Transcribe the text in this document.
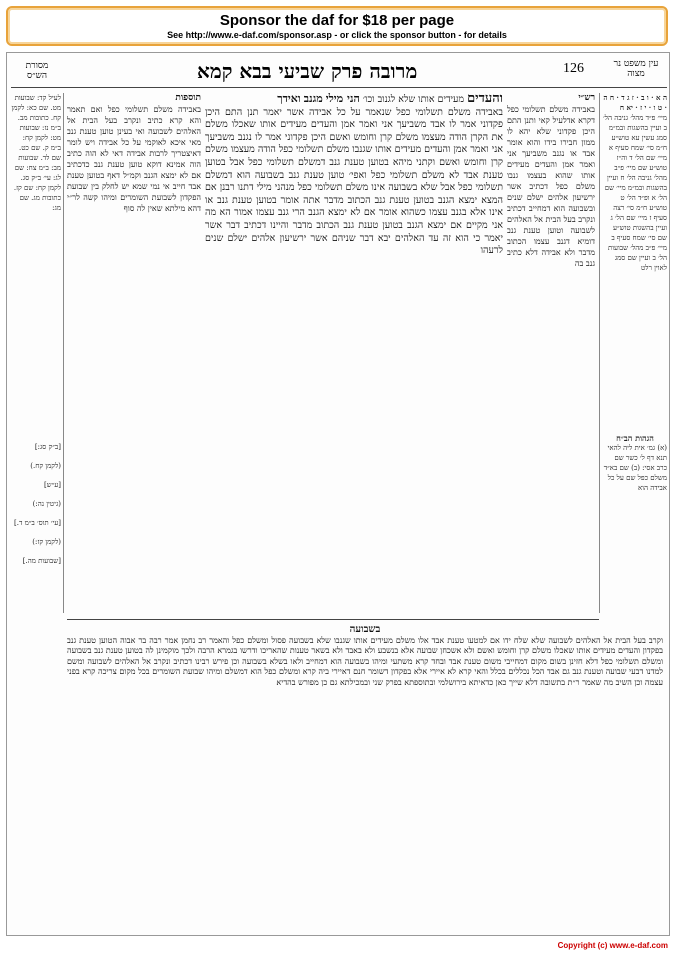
Sponsor the daf for $18 per page
See http://www.e-daf.com/sponsor.asp - or click the sponsor button - for details
מסורת הש״ס	מרובה פרק שביעי בבא קמא	126	עין משפט נר מצוה
ה א · ו ב · ז ג ד · ח ה · ט ו · י ז · יא ח
מיי׳ פ״ד מהל׳ גניבה הל׳ ב ועיין בהשגות ובמ״מ סמג עשין עא טוש״ע ח״מ סי׳ שמח סעיף א מיי׳ שם הל׳ ד וה״ז טוש״ע שם מיי׳ פ״ב מהל׳ גניבה הל׳ ח ועיין בהשגות ובמ״מ מיי׳ שם הל׳ א ופ״ד הל׳ ט טוש״ע ח״מ סי׳ רצה סעיף ז מיי׳ שם הל׳ ג ועיין בהשגות טוש״ע שם סי׳ שמח סעיף ב מיי׳ פ״ב מהל׳ שבועות הל׳ ב ועיין שם סמג לאוין רלט
הגהות הב״ח
(א) גמ׳ אית ליה להאי תנא דף ל׳ כשר שם כרב אסי: (ב) שם בא״ד משלם כפל שם על כל אבידה הוא
לעיל קד: שבועות מט. שם כא: לקמן קח. כתובות מב. ב״מ נז: שבועות מט: לקמן קח: ב״מ ק. שם כט. שם לד. שבועות מב: ב״מ צח: שם לג: עי׳ ב״ק סג. לקמן קח: שם קז. כתובות מג. שם מג:
[ב״ק סג:]
(לקמן קח.)
[ע״ש]
(גיטין נה:)
[עי׳ תוס׳ ב״מ ד.]
(לקמן קז:)
[שבועות מה.]
רש״י
באבידה משלם תשלומי כפל דקרא אדלעיל קאי ותנן התם היכן פקדוני שלא יהא לו ממון חבירו בידו והוא אומר אבד או נגנב משביעך אני ואמר אמן והעדים מעידים אותו שהוא בעצמו גנבו משלם כפל דכתיב אשר ירשיעון אלהים ישלם שנים ובשבועה הוא דמחייב דכתיב ונקרב בעל הבית אל האלהים לשבועה וטוען טענת גנב דומיא דגנב עצמו הכתוב מדבר ולא אבידה דלא כתיב גנב בה
והעדים מעידים אותו שלא לגנוב וכו׳ הני מילי מגנב ואידך
באבידה משלם תשלומי כפל שנאמר על כל אבידה אשר יאמר תנן התם היכן פקדוני אמר לו אבד משביעך אני ואמר אמן והעדים מעידים אותו שאכלו משלם את הקרן הודה מעצמו משלם קרן וחומש ואשם היכן פקדוני אמר לו נגנב משביעך אני ואמר אמן והעדים מעידים אותו שגנבו משלם תשלומי כפל הודה מעצמו משלם קרן וחומש ואשם וקתני מיהא בטוען טענת גנב דמשלם תשלומי כפל אבל בטוען טענת אבד לא משלם תשלומי כפל ואפי׳ טוען טענת גנב בשבועה הוא דמשלם תשלומי כפל אבל שלא בשבועה אינו משלם תשלומי כפל מנהני מילי דתנו רבנן אם המצא ימצא הגנב בטוען טענת גנב הכתוב מדבר אתה אומר בטוען טענת גנב או אינו אלא בגנב עצמו כשהוא אומר אם לא ימצא הגנב הרי גנב עצמו אמור הא מה אני מקיים אם ימצא הגנב בטוען טענת גנב הכתוב מדבר והיינו דכתיב דבר אשר יאמר כי הוא זה עד האלהים יבא דבר שניהם אשר ירשיעון אלהים ישלם שנים לרעהו
תוספות
באבידה משלם תשלומי כפל ואם תאמר והא קרא כתיב ונקרב בעל הבית אל האלהים לשבועה ואי בעינן טוען טענת גנב מאי איכא לאוקמי על כל אבידה ויש לומר דאיצטריך לרבות אבידה דאי לא הוה כתיב הוה אמינא דוקא טוען טענת גנב כדכתיב אם לא ימצא הגנב וקמ״ל דאף בטוען טענת אבד חייב אי נמי שמא יש לחלק בין שבועת הפקדון לשבועת השומרים ומיהו קשה לר״י דהא מילתא שאין לה סוף
בשבועה
וקרב בעל הבית אל האלהים לשבועה שלא שלח ידו אם למטעו טענת אבד אלו משלם מעידים אותו שגנבו שלא בשבועה פסול ומשלם כפל והאמר רב נחמן אמר רבה בר אבוה הטוען טענת גנב בפקדון והעדים מעידים אותו שאכלו משלם קרן וחומש ואשם ולא אשכחן שבועה אלא בנשבע ולא באבד ולא בשאר טענות שהאריכו ודרשו בגמרא הרבה ולכך מוקמינן לה בטוען טענת גנב בשבועה ומשלם תשלומי כפל דלא חזינן בשום מקום דמחייבי משום טענת אבד ובחד קרא משתעי ומיהו בשבועה הוא דמחייב ולאו בשלא בשבועה וכן פירש רבינו דכתיב ונקרב אל האלהים לשבועה ומשם למדנו דבעי שבועה וטענת גנב גם אבד הכל נכללים בכלל והאי קרא לא איירי אלא בפקדון דשומר חנם דאיירי ביה קרא ומשלם כפל הוא דמשלם ומיהו שבועת השומרים בכל מקום צריכה קרא בפני עצמה וכן השיב מה שאמר ר״ת בתשובה דלא שייך כאן כדאיתא בירושלמי ובתוספתא בפרק שני ובמכילתא גם כן מפורש בהדיא
Copyright (c) www.e-daf.com
